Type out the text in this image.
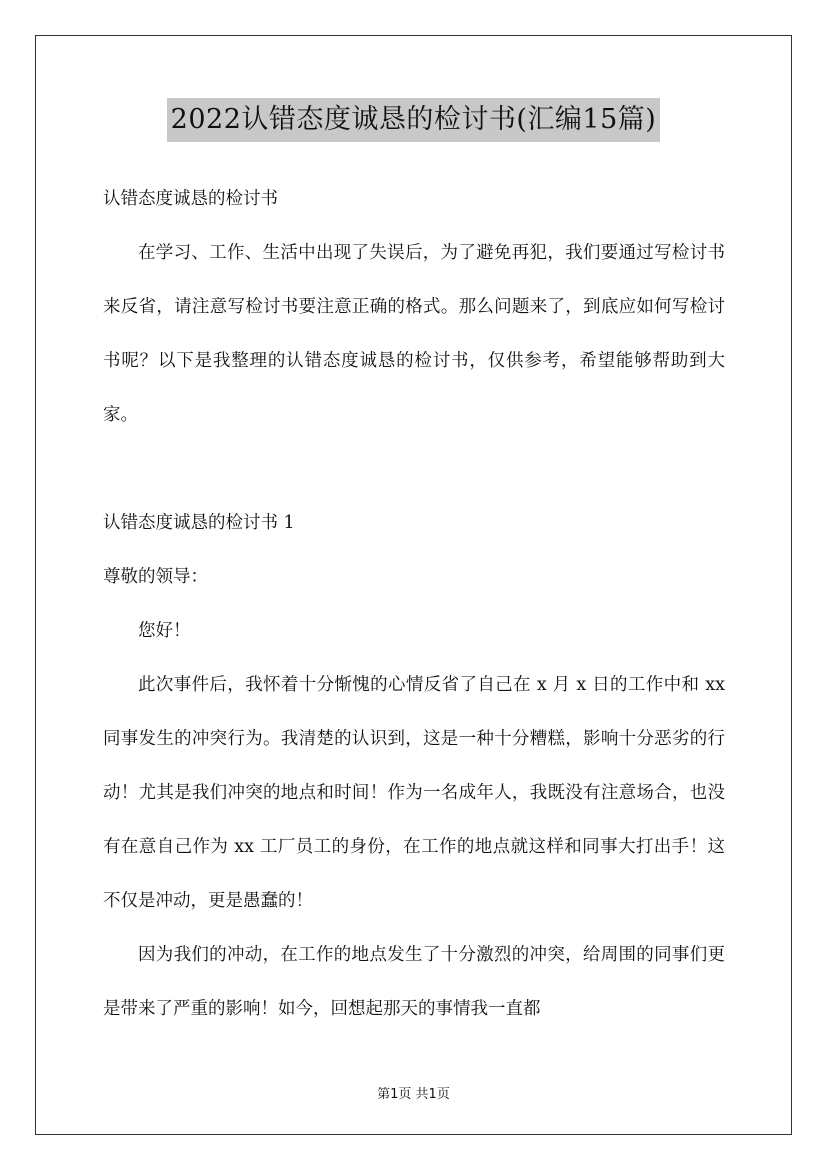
2022认错态度诚恳的检讨书(汇编15篇)
认错态度诚恳的检讨书

在学习、工作、生活中出现了失误后，为了避免再犯，我们要通过写检讨书来反省，请注意写检讨书要注意正确的格式。那么问题来了，到底应如何写检讨书呢？以下是我整理的认错态度诚恳的检讨书，仅供参考，希望能够帮助到大家。

认错态度诚恳的检讨书 1
尊敬的领导：
您好！

此次事件后，我怀着十分惭愧的心情反省了自己在 x 月 x 日的工作中和 xx 同事发生的冲突行为。我清楚的认识到，这是一种十分糟糕，影响十分恶劣的行动！尤其是我们冲突的地点和时间！作为一名成年人，我既没有注意场合，也没有在意自己作为 xx 工厂员工的身份，在工作的地点就这样和同事大打出手！这不仅是冲动，更是愚蠢的！

因为我们的冲动，在工作的地点发生了十分激烈的冲突，给周围的同事们更是带来了严重的影响！如今，回想起那天的事情我一直都

第1页 共1页
